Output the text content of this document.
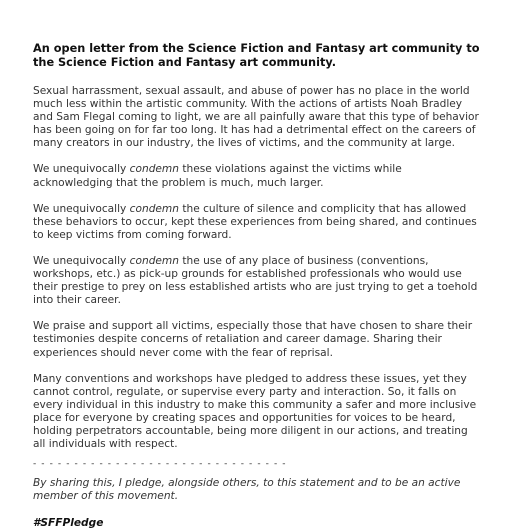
An open letter from the Science Fiction and Fantasy art community to the Science Fiction and Fantasy art community.

Sexual harrassment, sexual assault, and abuse of power has no place in the world much less within the artistic community. With the actions of artists Noah Bradley and Sam Flegal coming to light, we are all painfully aware that this type of behavior has been going on for far too long. It has had a detrimental effect on the careers of many creators in our industry, the lives of victims, and the community at large.

We unequivocally condemn these violations against the victims while acknowledging that the problem is much, much larger.

We unequivocally condemn the culture of silence and complicity that has allowed these behaviors to occur, kept these experiences from being shared, and continues to keep victims from coming forward.

We unequivocally condemn the use of any place of business (conventions, workshops, etc.) as pick-up grounds for established professionals who would use their prestige to prey on less established artists who are just trying to get a toehold into their career.

We praise and support all victims, especially those that have chosen to share their testimonies despite concerns of retaliation and career damage. Sharing their experiences should never come with the fear of reprisal.

Many conventions and workshops have pledged to address these issues, yet they cannot control, regulate, or supervise every party and interaction. So, it falls on every individual in this industry to make this community a safer and more inclusive place for everyone by creating spaces and opportunities for voices to be heard, holding perpetrators accountable, being more diligent in our actions, and treating all individuals with respect.

- - - - - - - - - - - - - - - - - - - - - - - - - - - - - - -

By sharing this, I pledge, alongside others, to this statement and to be an active member of this movement.

#SFFPledge
